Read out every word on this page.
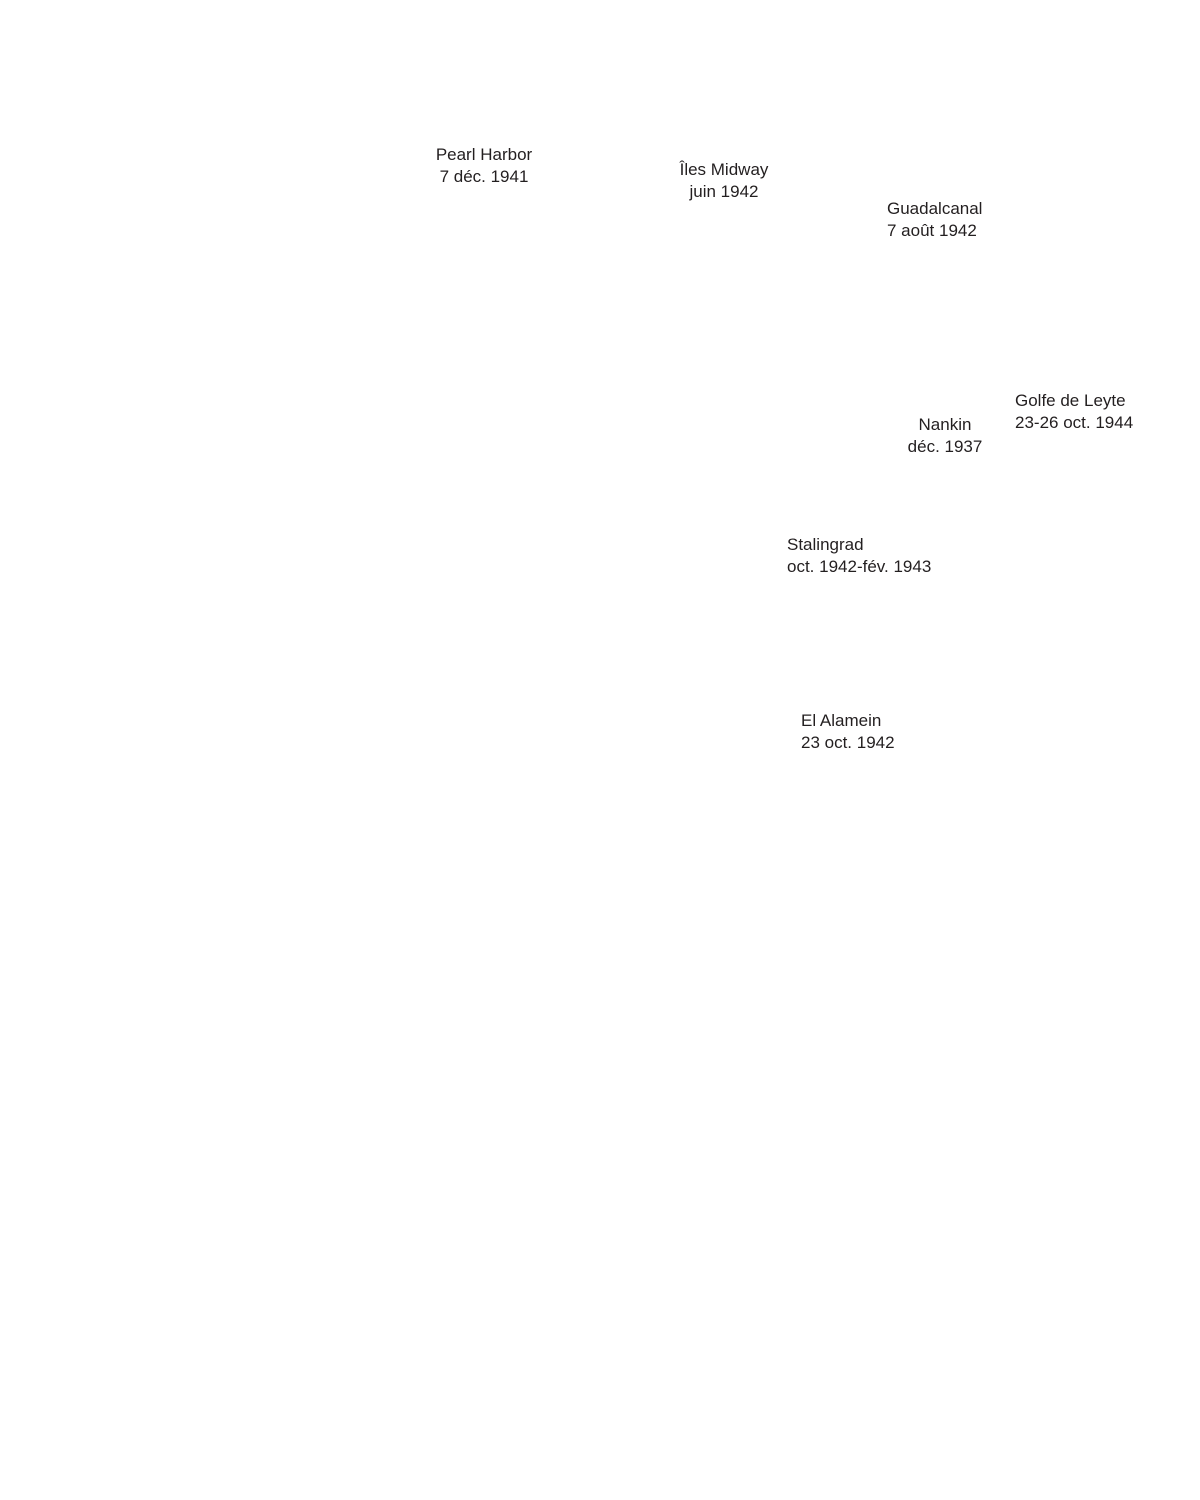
Pearl Harbor
7 déc. 1941	Îles Midway
juin 1942
Guadalcanal
7 août 1942
Golfe de Leyte
23-26 oct. 1944
Nankin
déc. 1937
Stalingrad
oct. 1942-fév. 1943
El Alamein
23 oct. 1942
